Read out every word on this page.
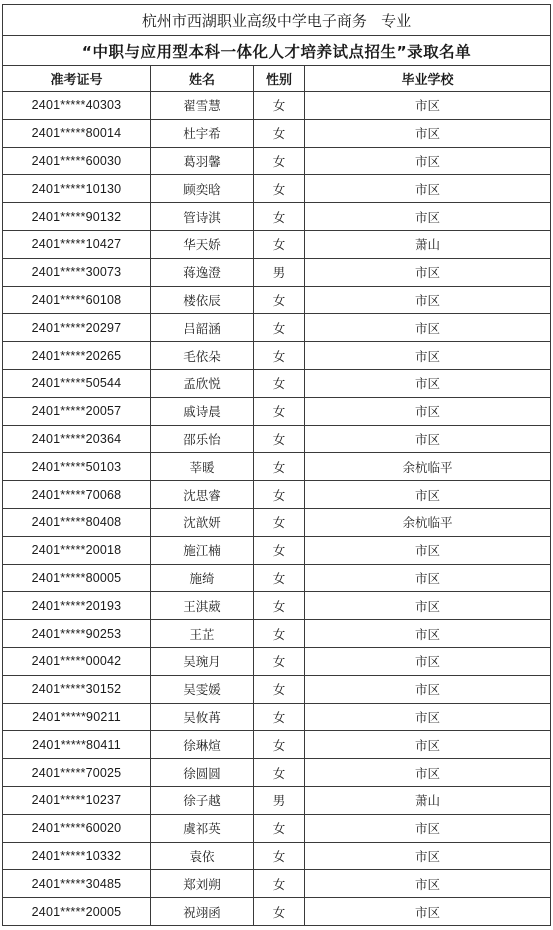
杭州市西湖职业高级中学电子商务   专业			
“中职与应用型本科一体化人才培养试点招生”录取名单			
准考证号	姓名	性别	毕业学校
2401*****40303	翟雪慧	女	市区
2401*****80014	杜宇希	女	市区
2401*****60030	葛羽馨	女	市区
2401*****10130	顾奕晗	女	市区
2401*****90132	管诗淇	女	市区
2401*****10427	华天娇	女	萧山
2401*****30073	蒋逸澄	男	市区
2401*****60108	楼依辰	女	市区
2401*****20297	吕韶涵	女	市区
2401*****20265	毛依朵	女	市区
2401*****50544	孟欣悦	女	市区
2401*****20057	戚诗晨	女	市区
2401*****20364	邵乐怡	女	市区
2401*****50103	莘暖	女	余杭临平
2401*****70068	沈思睿	女	市区
2401*****80408	沈歆妍	女	余杭临平
2401*****20018	施江楠	女	市区
2401*****80005	施绮	女	市区
2401*****20193	王淇葳	女	市区
2401*****90253	王芷	女	市区
2401*****00042	吴琬月	女	市区
2401*****30152	吴雯媛	女	市区
2401*****90211	吴攸苒	女	市区
2401*****80411	徐琳煊	女	市区
2401*****70025	徐圆圆	女	市区
2401*****10237	徐子越	男	萧山
2401*****60020	虞祁英	女	市区
2401*****10332	袁依	女	市区
2401*****30485	郑刘朔	女	市区
2401*****20005	祝翊函	女	市区
